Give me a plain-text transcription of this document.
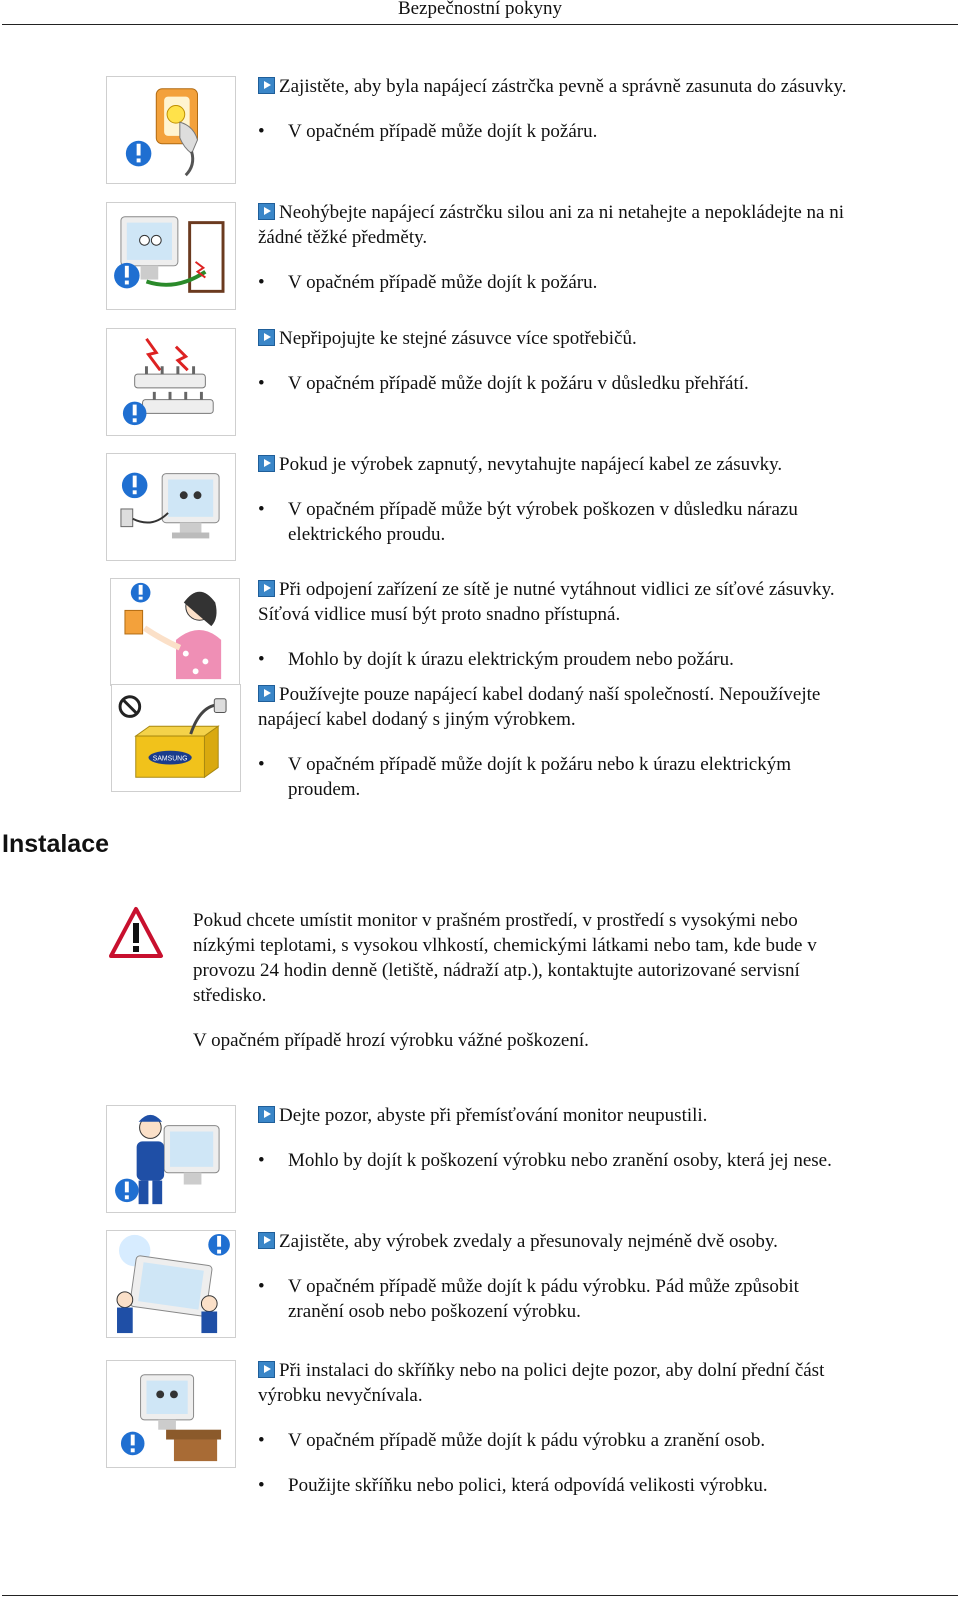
Bezpečnostní pokyny
SAMSUNG
Zajistěte, aby byla napájecí zástrčka pevně a správně zasunuta do zásuvky.
• V opačném případě může dojít k požáru.
Neohýbejte napájecí zástrčku silou ani za ni netahejte a nepokládejte na ni žádné těžké předměty.
• V opačném případě může dojít k požáru.
Nepřipojujte ke stejné zásuvce více spotřebičů.
• V opačném případě může dojít k požáru v důsledku přehřátí.
Pokud je výrobek zapnutý, nevytahujte napájecí kabel ze zásuvky.
• V opačném případě může být výrobek poškozen v důsledku nárazu elektrického proudu.
Při odpojení zařízení ze sítě je nutné vytáhnout vidlici ze síťové zásuvky. Síťová vidlice musí být proto snadno přístupná.
• Mohlo by dojít k úrazu elektrickým proudem nebo požáru.
Používejte pouze napájecí kabel dodaný naší společností. Nepoužívejte napájecí kabel dodaný s jiným výrobkem.
• V opačném případě může dojít k požáru nebo k úrazu elektrickým proudem.
Instalace

Pokud chcete umístit monitor v prašném prostředí, v prostředí s vysokými nebo nízkými teplotami, s vysokou vlhkostí, chemickými látkami nebo tam, kde bude v provozu 24 hodin denně (letiště, nádraží atp.), kontaktujte autorizované servisní středisko.

V opačném případě hrozí výrobku vážné poškození.

Dejte pozor, abyste při přemísťování monitor neupustili.
• Mohlo by dojít k poškození výrobku nebo zranění osoby, která jej nese.
Zajistěte, aby výrobek zvedaly a přesunovaly nejméně dvě osoby.
• V opačném případě může dojít k pádu výrobku. Pád může způsobit zranění osob nebo poškození výrobku.
Při instalaci do skříňky nebo na polici dejte pozor, aby dolní přední část výrobku nevyčnívala.
• V opačném případě může dojít k pádu výrobku a zranění osob.
• Použijte skříňku nebo polici, která odpovídá velikosti výrobku.
